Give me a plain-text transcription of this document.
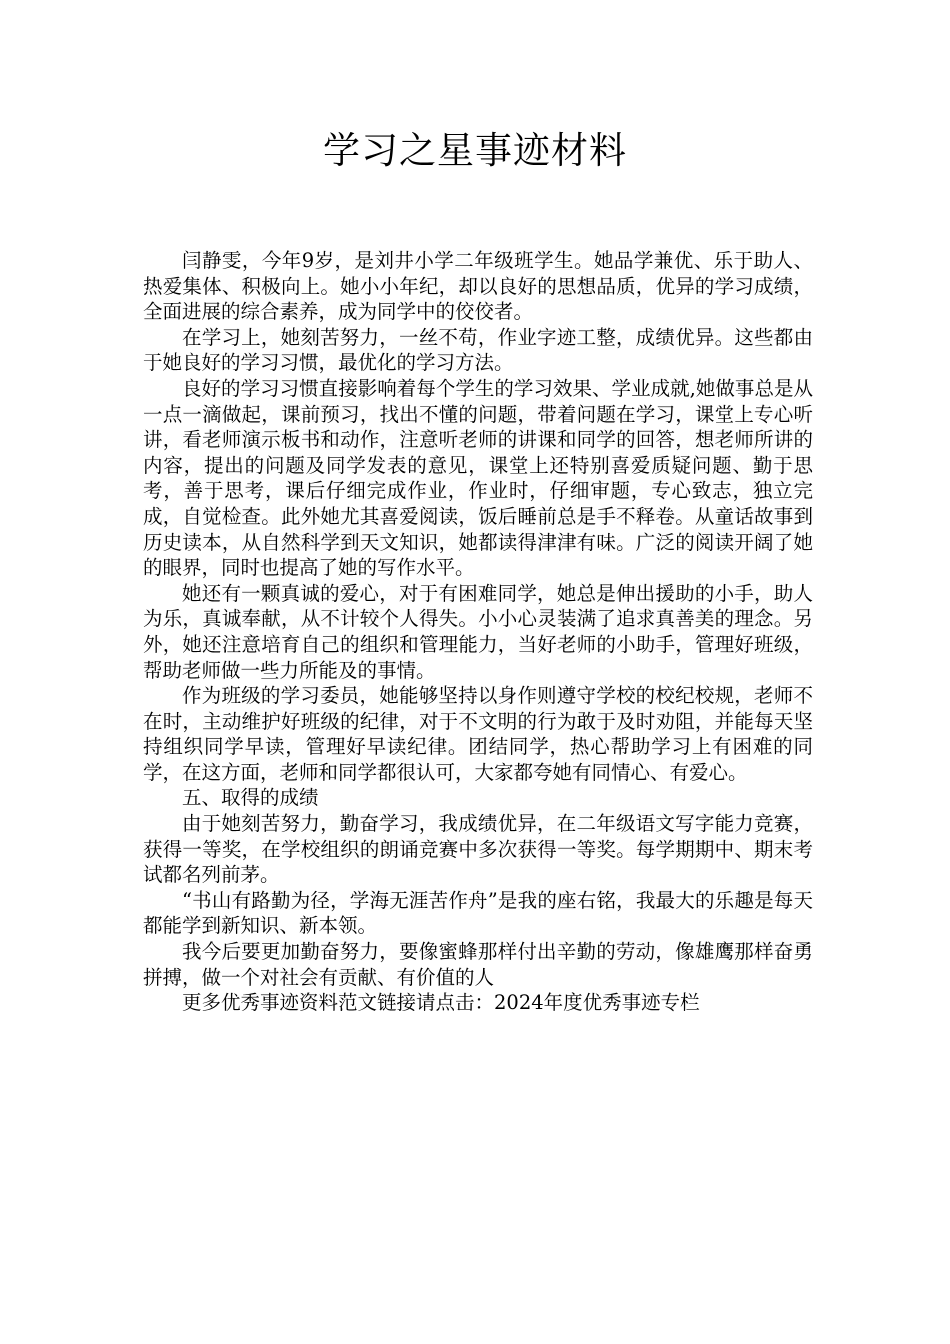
学习之星事迹材料

闫静雯，今年9岁，是刘井小学二年级班学生。她品学兼优、乐于助人、热爱集体、积极向上。她小小年纪，却以良好的思想品质，优异的学习成绩，全面进展的综合素养，成为同学中的佼佼者。

在学习上，她刻苦努力，一丝不苟，作业字迹工整，成绩优异。这些都由于她良好的学习习惯，最优化的学习方法。

良好的学习习惯直接影响着每个学生的学习效果、学业成就,她做事总是从一点一滴做起，课前预习，找出不懂的问题，带着问题在学习，课堂上专心听讲，看老师演示板书和动作，注意听老师的讲课和同学的回答，想老师所讲的内容，提出的问题及同学发表的意见，课堂上还特别喜爱质疑问题、勤于思考，善于思考，课后仔细完成作业，作业时，仔细审题，专心致志，独立完成，自觉检查。此外她尤其喜爱阅读，饭后睡前总是手不释卷。从童话故事到历史读本，从自然科学到天文知识，她都读得津津有味。广泛的阅读开阔了她的眼界，同时也提高了她的写作水平。

她还有一颗真诚的爱心，对于有困难同学，她总是伸出援助的小手，助人为乐，真诚奉献，从不计较个人得失。小小心灵装满了追求真善美的理念。另外，她还注意培育自己的组织和管理能力，当好老师的小助手，管理好班级，帮助老师做一些力所能及的事情。

作为班级的学习委员，她能够坚持以身作则遵守学校的校纪校规，老师不在时，主动维护好班级的纪律，对于不文明的行为敢于及时劝阻，并能每天坚持组织同学早读，管理好早读纪律。团结同学，热心帮助学习上有困难的同学，在这方面，老师和同学都很认可，大家都夸她有同情心、有爱心。

五、取得的成绩

由于她刻苦努力，勤奋学习，我成绩优异，在二年级语文写字能力竞赛，获得一等奖，在学校组织的朗诵竞赛中多次获得一等奖。每学期期中、期末考试都名列前茅。

“书山有路勤为径，学海无涯苦作舟”是我的座右铭，我最大的乐趣是每天都能学到新知识、新本领。

我今后要更加勤奋努力，要像蜜蜂那样付出辛勤的劳动，像雄鹰那样奋勇拼搏，做一个对社会有贡献、有价值的人

更多优秀事迹资料范文链接请点击：2024年度优秀事迹专栏
